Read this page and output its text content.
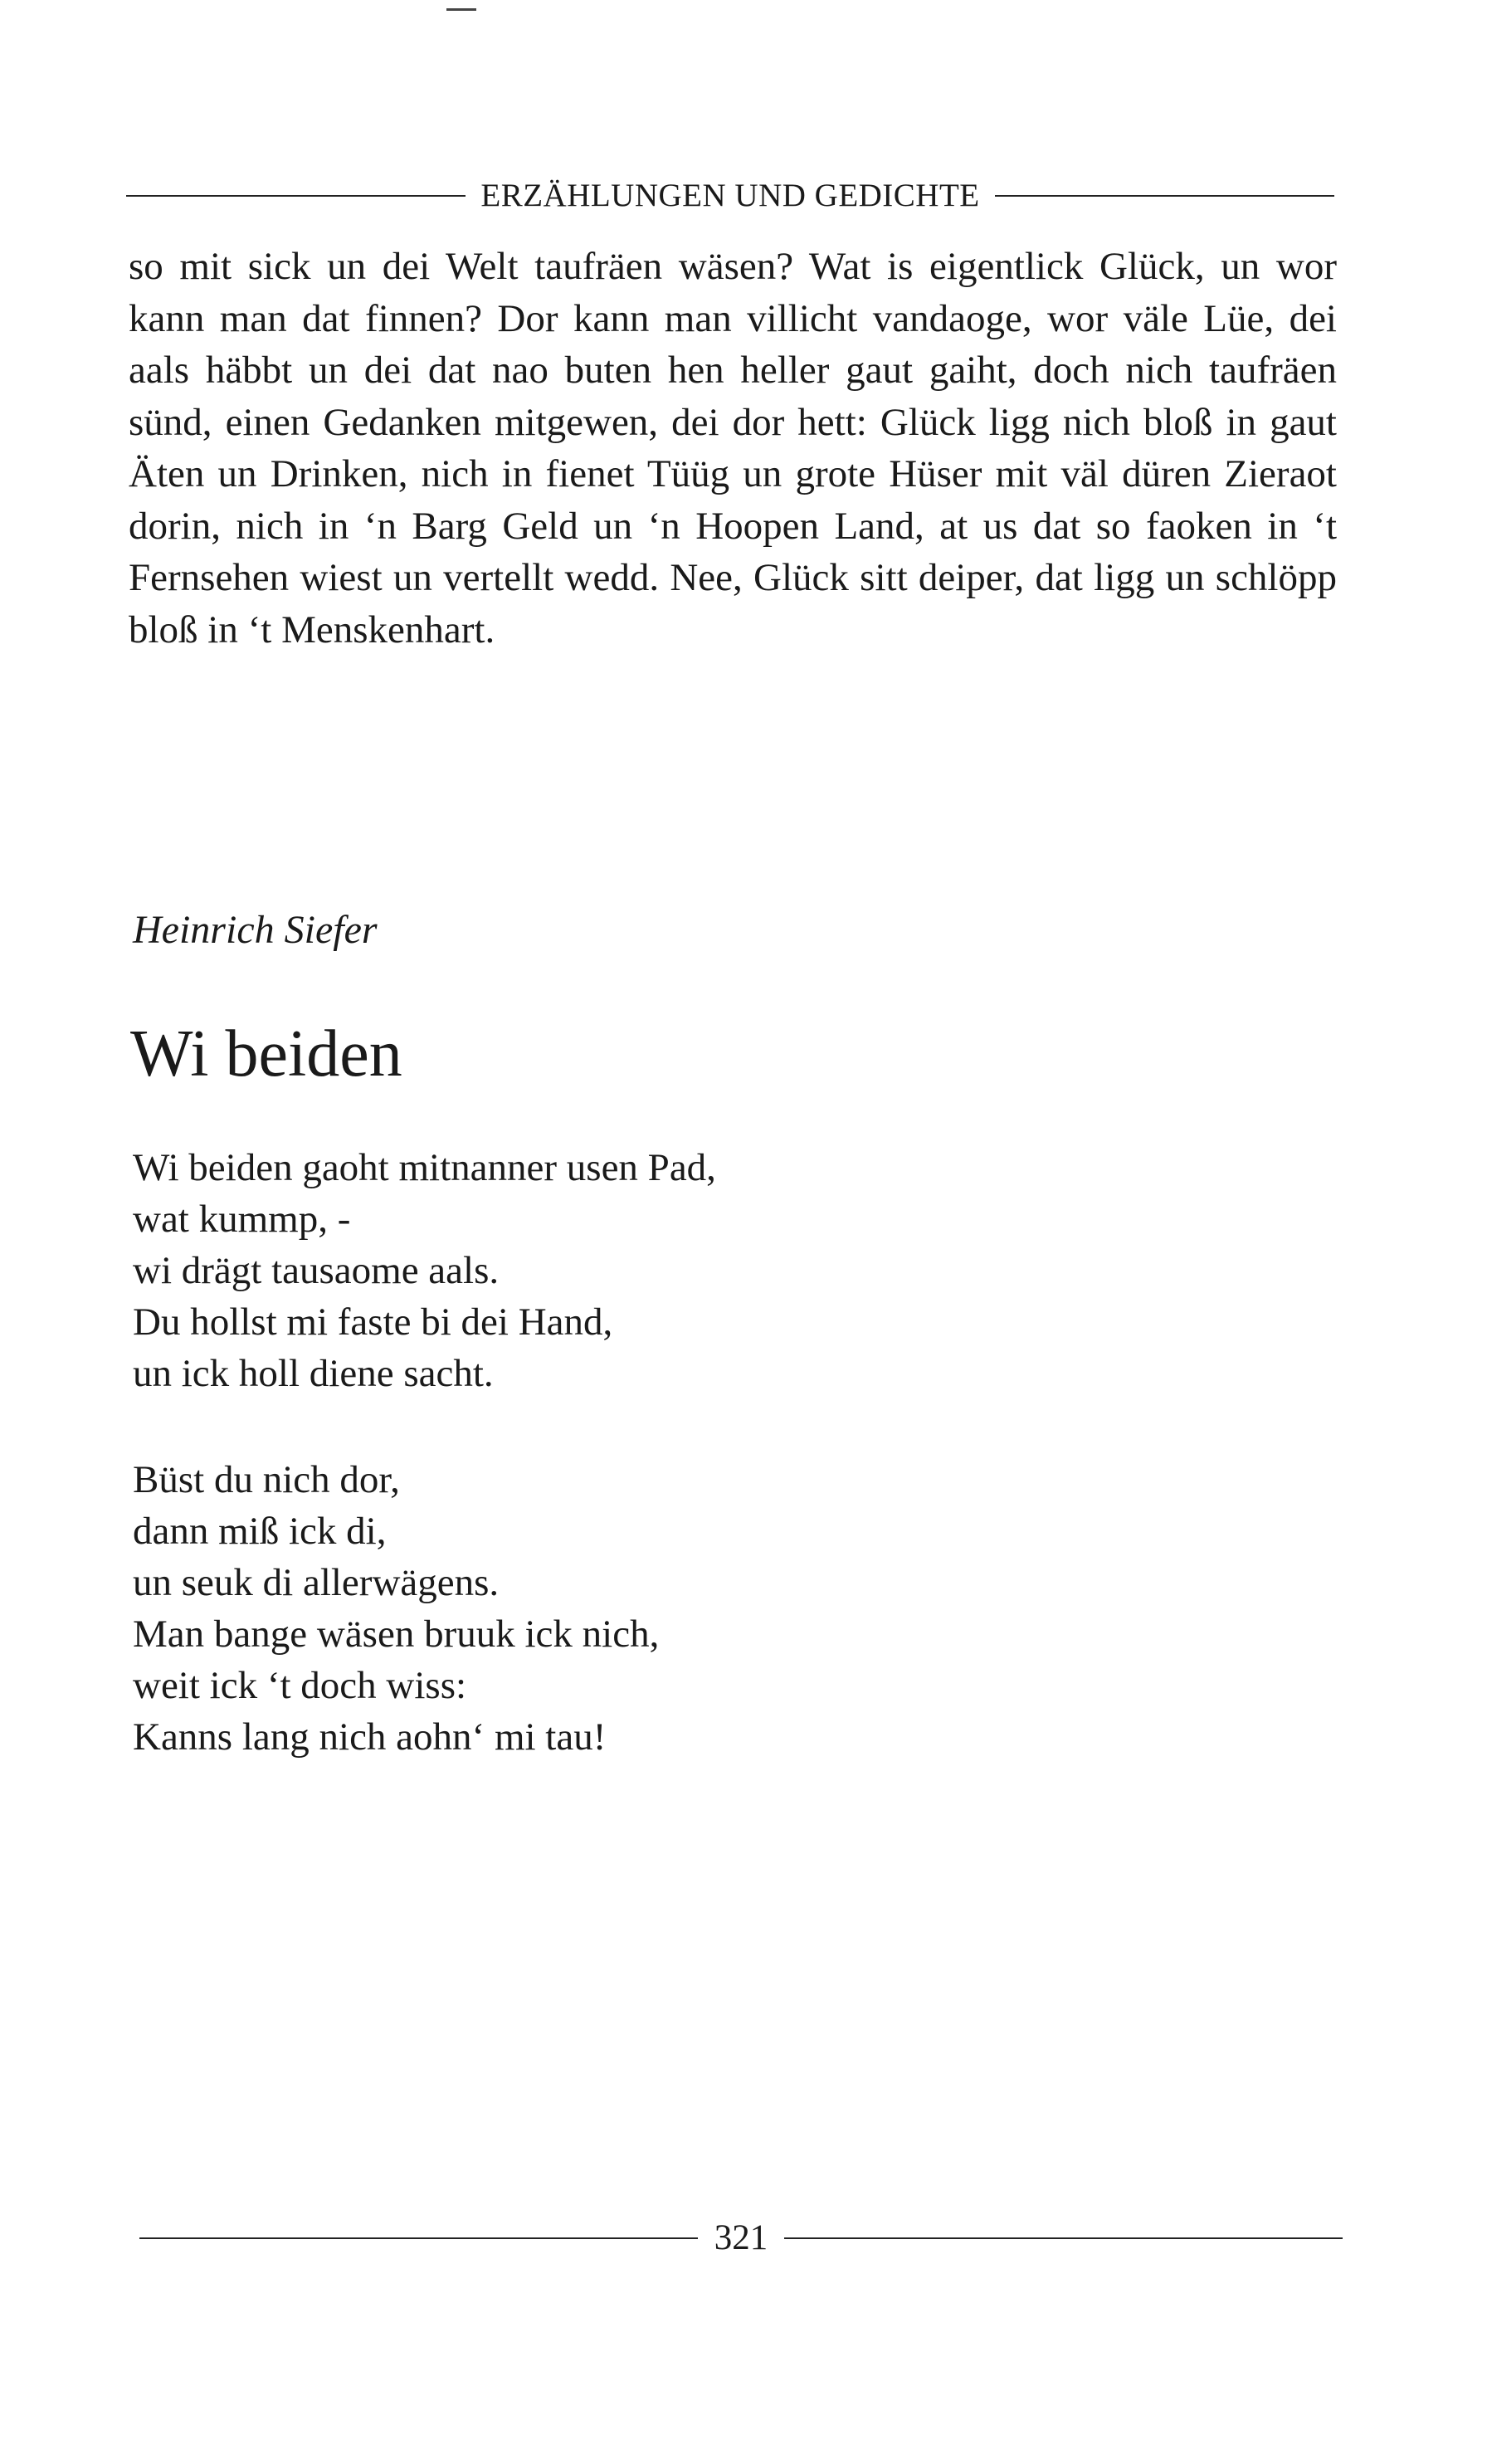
ERZÄHLUNGEN UND GEDICHTE

so mit sick un dei Welt taufräen wäsen? Wat is eigentlick Glück, un wor kann man dat finnen? Dor kann man villicht vandaoge, wor väle Lüe, dei aals häbbt un dei dat nao buten hen heller gaut gaiht, doch nich taufräen sünd, einen Gedanken mitgewen, dei dor hett: Glück ligg nich bloß in gaut Äten un Drinken, nich in fienet Tüüg un grote Hüser mit väl düren Zieraot dorin, nich in ‘n Barg Geld un ‘n Hoopen Land, at us dat so faoken in ‘t Fernsehen wiest un vertellt wedd. Nee, Glück sitt deiper, dat ligg un schlöpp bloß in ‘t Menskenhart.

Heinrich Siefer

Wi beiden
Wi beiden gaoht mitnanner usen Pad,
wat kummp, -
wi drägt tausaome aals.
Du hollst mi faste bi dei Hand,
un ick holl diene sacht.
Büst du nich dor,
dann miß ick di,
un seuk di allerwägens.
Man bange wäsen bruuk ick nich,
weit ick ‘t doch wiss:
Kanns lang nich aohn‘ mi tau!
321
